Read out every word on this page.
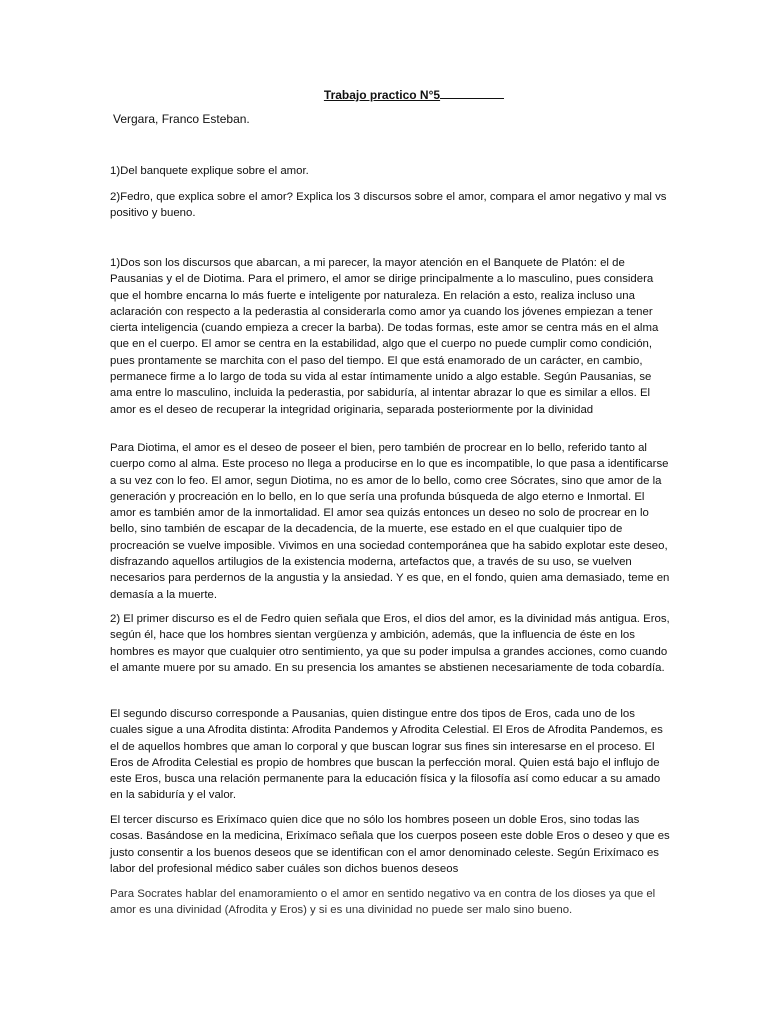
Trabajo practico N°5
Vergara, Franco Esteban.

1)Del banquete explique sobre el amor.

2)Fedro, que explica sobre el amor? Explica los 3 discursos sobre el amor, compara el amor negativo y mal vs positivo y bueno.

1)Dos son los discursos que abarcan, a mi parecer, la mayor atención en el Banquete de Platón: el de Pausanias y el de Diotima. Para el primero, el amor se dirige principalmente a lo masculino, pues considera que el hombre encarna lo más fuerte e inteligente por naturaleza. En relación a esto, realiza incluso una aclaración con respecto a la pederastia al considerarla como amor ya cuando los jóvenes empiezan a tener cierta inteligencia (cuando empieza a crecer la barba). De todas formas, este amor se centra más en el alma que en el cuerpo. El amor se centra en la estabilidad, algo que el cuerpo no puede cumplir como condición, pues prontamente se marchita con el paso del tiempo. El que está enamorado de un carácter, en cambio, permanece firme a lo largo de toda su vida al estar íntimamente unido a algo estable. Según Pausanias, se ama entre lo masculino, incluida la pederastia, por sabiduría, al intentar abrazar lo que es similar a ellos. El amor es el deseo de recuperar la integridad originaria, separada posteriormente por la divinidad

Para Diotima, el amor es el deseo de poseer el bien, pero también de procrear en lo bello, referido tanto al cuerpo como al alma. Este proceso no llega a producirse en lo que es incompatible, lo que pasa a identificarse a su vez con lo feo. El amor, segun Diotima, no es amor de lo bello, como cree Sócrates, sino que amor de la generación y procreación en lo bello, en lo que sería una profunda búsqueda de algo eterno e Inmortal. El amor es también amor de la inmortalidad. El amor sea quizás entonces un deseo no solo de procrear en lo bello, sino también de escapar de la decadencia, de la muerte, ese estado en el que cualquier tipo de procreación se vuelve imposible. Vivimos en una sociedad contemporánea que ha sabido explotar este deseo, disfrazando aquellos artilugios de la existencia moderna, artefactos que, a través de su uso, se vuelven necesarios para perdernos de la angustia y la ansiedad. Y es que, en el fondo, quien ama demasiado, teme en demasía a la muerte.

2) El primer discurso es el de Fedro quien señala que Eros, el dios del amor, es la divinidad más antigua. Eros, según él, hace que los hombres sientan vergüenza y ambición, además, que la influencia de éste en los hombres es mayor que cualquier otro sentimiento, ya que su poder impulsa a grandes acciones, como cuando el amante muere por su amado. En su presencia los amantes se abstienen necesariamente de toda cobardía.

El segundo discurso corresponde a Pausanias, quien distingue entre dos tipos de Eros, cada uno de los cuales sigue a una Afrodita distinta: Afrodita Pandemos y Afrodita Celestial. El Eros de Afrodita Pandemos, es el de aquellos hombres que aman lo corporal y que buscan lograr sus fines sin interesarse en el proceso. El Eros de Afrodita Celestial es propio de hombres que buscan la perfección moral. Quien está bajo el influjo de este Eros, busca una relación permanente para la educación física y la filosofía así como educar a su amado en la sabiduría y el valor.

El tercer discurso es Erixímaco quien dice que no sólo los hombres poseen un doble Eros, sino todas las cosas. Basándose en la medicina, Erixímaco señala que los cuerpos poseen este doble Eros o deseo y que es justo consentir a los buenos deseos que se identifican con el amor denominado celeste. Según Erixímaco es labor del profesional médico saber cuáles son dichos buenos deseos

Para Socrates hablar del enamoramiento o el amor en sentido negativo va en contra de los dioses ya que el amor es una divinidad (Afrodita y Eros) y si es una divinidad no puede ser malo sino bueno.
